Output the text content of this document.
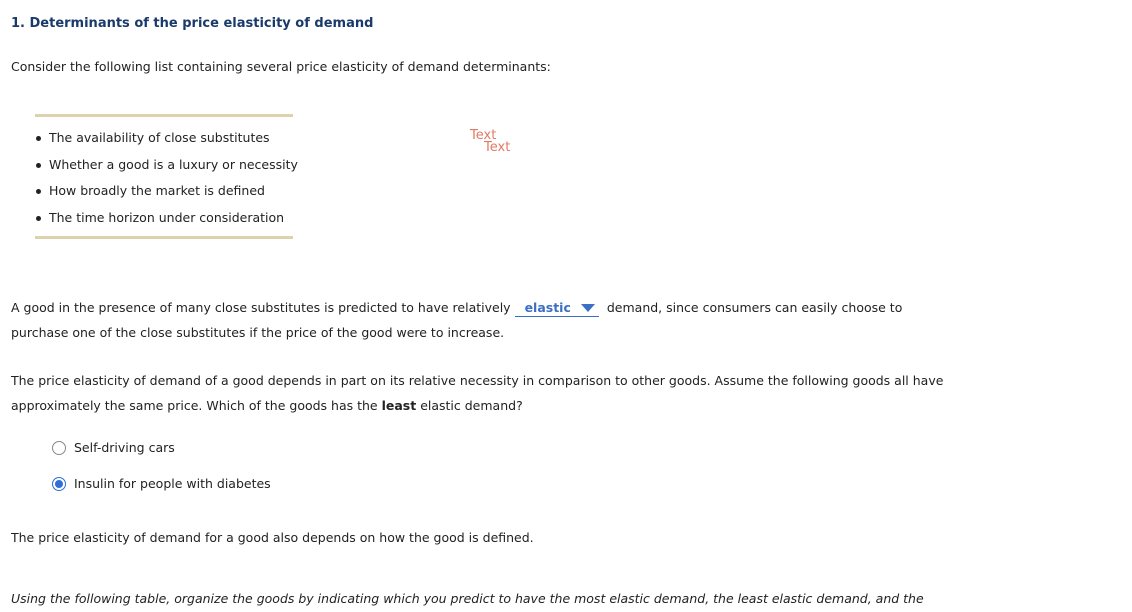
1. Determinants of the price elasticity of demand
Consider the following list containing several price elasticity of demand determinants:
The availability of close substitutes
Whether a good is a luxury or necessity
How broadly the market is defined
The time horizon under consideration
Text
Text
A good in the presence of many close substitutes is predicted to have relatively elastic	demand, since consumers can easily choose to
purchase one of the close substitutes if the price of the good were to increase.
The price elasticity of demand of a good depends in part on its relative necessity in comparison to other goods. Assume the following goods all have
approximately the same price. Which of the goods has the least elastic demand?
Self-driving cars
Insulin for people with diabetes
The price elasticity of demand for a good also depends on how the good is defined.
Using the following table, organize the goods by indicating which you predict to have the most elastic demand, the least elastic demand, and the
